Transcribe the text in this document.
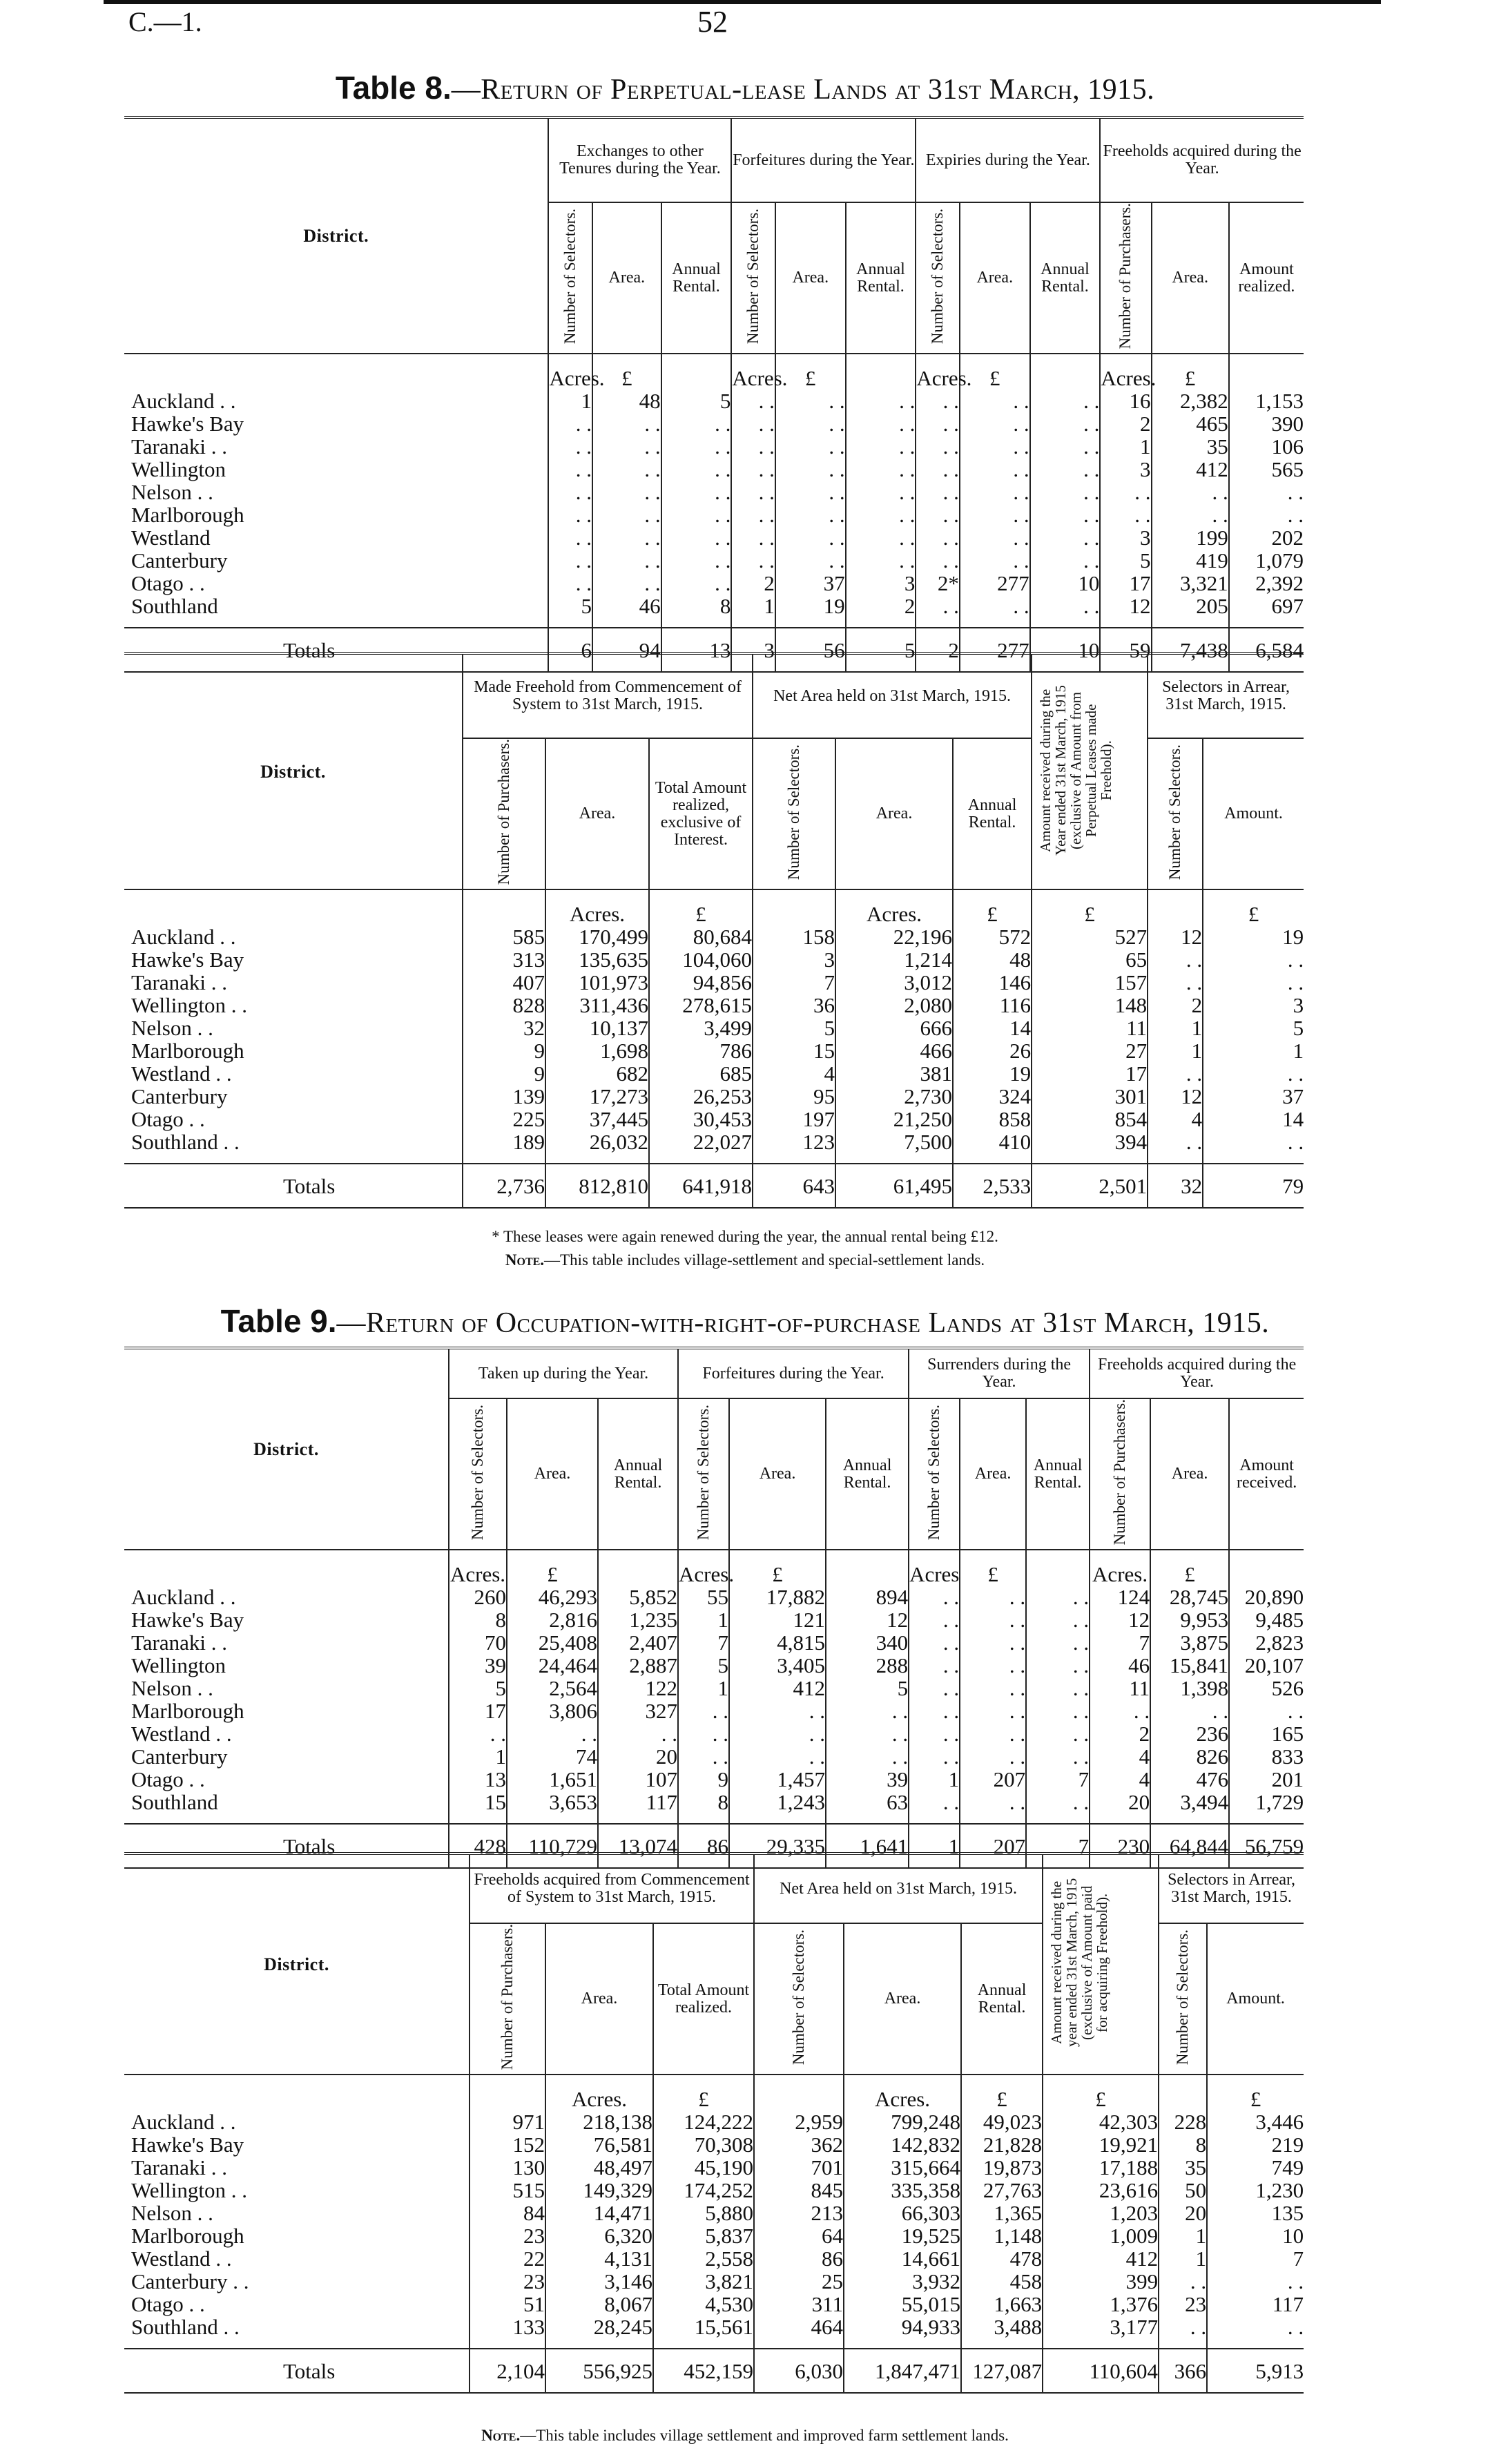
C.—1.	52
Table 8.—Return of Perpetual-lease Lands at 31st March, 1915.
District.	Exchanges to other Tenures during the Year.			Forfeitures during the Year.			Expiries during the Year.			Freeholds acquired during the Year.		
	Number of Selectors.	Area.	Annual Rental.	Number of Selectors.	Area.	Annual Rental.	Number of Selectors.	Area.	Annual Rental.	Number of Purchasers.	Area.	Amount realized.
	Acres.	£		Acres.	£		Acres.	£		Acres.	£	
Auckland . .	1	48	5	. .	. .	. .	. .	. .	. .	16	2,382	1,153
Hawke's Bay	. .	. .	. .	. .	. .	. .	. .	. .	. .	2	465	390
Taranaki . .	. .	. .	. .	. .	. .	. .	. .	. .	. .	1	35	106
Wellington	. .	. .	. .	. .	. .	. .	. .	. .	. .	3	412	565
Nelson . .	. .	. .	. .	. .	. .	. .	. .	. .	. .	. .	. .	. .
Marlborough	. .	. .	. .	. .	. .	. .	. .	. .	. .	. .	. .	. .
Westland	. .	. .	. .	. .	. .	. .	. .	. .	. .	3	199	202
Canterbury	. .	. .	. .	. .	. .	. .	. .	. .	. .	5	419	1,079
Otago . .	. .	. .	. .	2	37	3	2*	277	10	17	3,321	2,392
Southland	5	46	8	1	19	2	. .	. .	. .	12	205	697

Totals	6	94	13	3	56	5	2	277	10	59	7,438	6,584
District.	Made Freehold from Commencement of System to 31st March, 1915.			Net Area held on 31st March, 1915.			Amount received during the Year ended 31st March, 1915 (exclusive of Amount from Perpetual Leases made Freehold).	Selectors in Arrear, 31st March, 1915.	
	Number of Purchasers.	Area.	Total Amount realized, exclusive of Interest.	Number of Selectors.	Area.	Annual Rental.		Number of Selectors.	Amount.
		Acres.	£		Acres.	£	£		£
Auckland . .	585	170,499	80,684	158	22,196	572	527	12	19
Hawke's Bay	313	135,635	104,060	3	1,214	48	65	. .	. .
Taranaki . .	407	101,973	94,856	7	3,012	146	157	. .	. .
Wellington . .	828	311,436	278,615	36	2,080	116	148	2	3
Nelson . .	32	10,137	3,499	5	666	14	11	1	5
Marlborough	9	1,698	786	15	466	26	27	1	1
Westland . .	9	682	685	4	381	19	17	. .	. .
Canterbury	139	17,273	26,253	95	2,730	324	301	12	37
Otago . .	225	37,445	30,453	197	21,250	858	854	4	14
Southland . .	189	26,032	22,027	123	7,500	410	394	. .	. .

Totals	2,736	812,810	641,918	643	61,495	2,533	2,501	32	79
* These leases were again renewed during the year, the annual rental being £12.
Note.—This table includes village-settlement and special-settlement lands.
Table 9.—Return of Occupation-with-right-of-purchase Lands at 31st March, 1915.
District.	Taken up during the Year.			Forfeitures during the Year.			Surrenders during the Year.			Freeholds acquired during the Year.		
	Number of Selectors.	Area.	Annual Rental.	Number of Selectors.	Area.	Annual Rental.	Number of Selectors.	Area.	Annual Rental.	Number of Purchasers.	Area.	Amount received.
	Acres.	£		Acres.	£		Acres	£		Acres.	£	
Auckland . .	260	46,293	5,852	55	17,882	894	. .	. .	. .	124	28,745	20,890
Hawke's Bay	8	2,816	1,235	1	121	12	. .	. .	. .	12	9,953	9,485
Taranaki . .	70	25,408	2,407	7	4,815	340	. .	. .	. .	7	3,875	2,823
Wellington	39	24,464	2,887	5	3,405	288	. .	. .	. .	46	15,841	20,107
Nelson . .	5	2,564	122	1	412	5	. .	. .	. .	11	1,398	526
Marlborough	17	3,806	327	. .	. .	. .	. .	. .	. .	. .	. .	. .
Westland . .	. .	. .	. .	. .	. .	. .	. .	. .	. .	2	236	165
Canterbury	1	74	20	. .	. .	. .	. .	. .	. .	4	826	833
Otago . .	13	1,651	107	9	1,457	39	1	207	7	4	476	201
Southland	15	3,653	117	8	1,243	63	. .	. .	. .	20	3,494	1,729

Totals	428	110,729	13,074	86	29,335	1,641	1	207	7	230	64,844	56,759
District.	Freeholds acquired from Commencement of System to 31st March, 1915.			Net Area held on 31st March, 1915.			Amount received during the year ended 31st March, 1915 (exclusive of Amount paid for acquiring Freehold).	Selectors in Arrear, 31st March, 1915.	
	Number of Purchasers.	Area.	Total Amount realized.	Number of Selectors.	Area.	Annual Rental.		Number of Selectors.	Amount.
		Acres.	£		Acres.	£	£		£
Auckland . .	971	218,138	124,222	2,959	799,248	49,023	42,303	228	3,446
Hawke's Bay	152	76,581	70,308	362	142,832	21,828	19,921	8	219
Taranaki . .	130	48,497	45,190	701	315,664	19,873	17,188	35	749
Wellington . .	515	149,329	174,252	845	335,358	27,763	23,616	50	1,230
Nelson . .	84	14,471	5,880	213	66,303	1,365	1,203	20	135
Marlborough	23	6,320	5,837	64	19,525	1,148	1,009	1	10
Westland . .	22	4,131	2,558	86	14,661	478	412	1	7
Canterbury . .	23	3,146	3,821	25	3,932	458	399	. .	. .
Otago . .	51	8,067	4,530	311	55,015	1,663	1,376	23	117
Southland . .	133	28,245	15,561	464	94,933	3,488	3,177	. .	. .

Totals	2,104	556,925	452,159	6,030	1,847,471	127,087	110,604	366	5,913
Note.—This table includes village settlement and improved farm settlement lands.
